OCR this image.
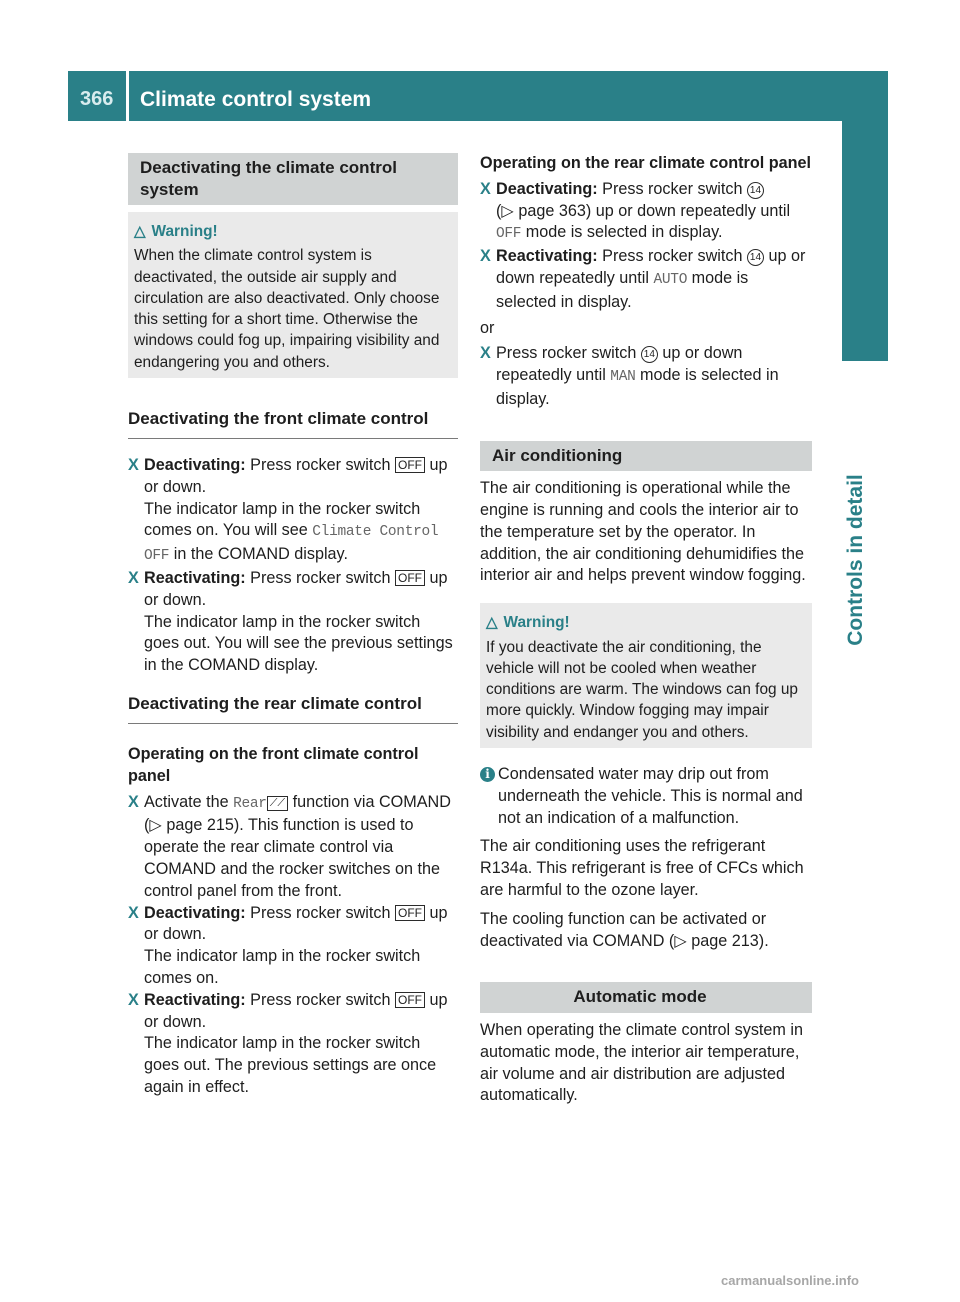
366 Climate control system
Controls in detail
Deactivating the climate control system
△ Warning!
When the climate control system is deactivated, the outside air supply and circulation are also deactivated. Only choose this setting for a short time. Otherwise the windows could fog up, impairing visibility and endangering you and others.
Deactivating the front climate control
X Deactivating: Press rocker switch OFF up or down.
The indicator lamp in the rocker switch comes on. You will see Climate Control OFF in the COMAND display.
X Reactivating: Press rocker switch OFF up or down.
The indicator lamp in the rocker switch goes out. You will see the previous settings in the COMAND display.
Deactivating the rear climate control
Operating on the front climate control panel
X Activate the Rear ⟋⟋ function via COMAND (▷ page 215). This function is used to operate the rear climate control via COMAND and the rocker switches on the control panel from the front.
X Deactivating: Press rocker switch OFF up or down.
The indicator lamp in the rocker switch comes on.
X Reactivating: Press rocker switch OFF up or down.
The indicator lamp in the rocker switch goes out. The previous settings are once again in effect.
Operating on the rear climate control panel
X Deactivating: Press rocker switch 14
(▷ page 363) up or down repeatedly until
OFF mode is selected in display.
X Reactivating: Press rocker switch 14 up or down repeatedly until AUTO mode is selected in display.
or
X Press rocker switch 14 up or down repeatedly until MAN mode is selected in display.
Air conditioning
The air conditioning is operational while the engine is running and cools the interior air to the temperature set by the operator. In addition, the air conditioning dehumidifies the interior air and helps prevent window fogging.
△ Warning!
If you deactivate the air conditioning, the vehicle will not be cooled when weather conditions are warm. The windows can fog up more quickly. Window fogging may impair visibility and endanger you and others.
i Condensated water may drip out from underneath the vehicle. This is normal and not an indication of a malfunction.
The air conditioning uses the refrigerant R134a. This refrigerant is free of CFCs which are harmful to the ozone layer.
The cooling function can be activated or deactivated via COMAND (▷ page 213).
Automatic mode
When operating the climate control system in automatic mode, the interior air temperature, air volume and air distribution are adjusted automatically.
carmanualsonline.info
